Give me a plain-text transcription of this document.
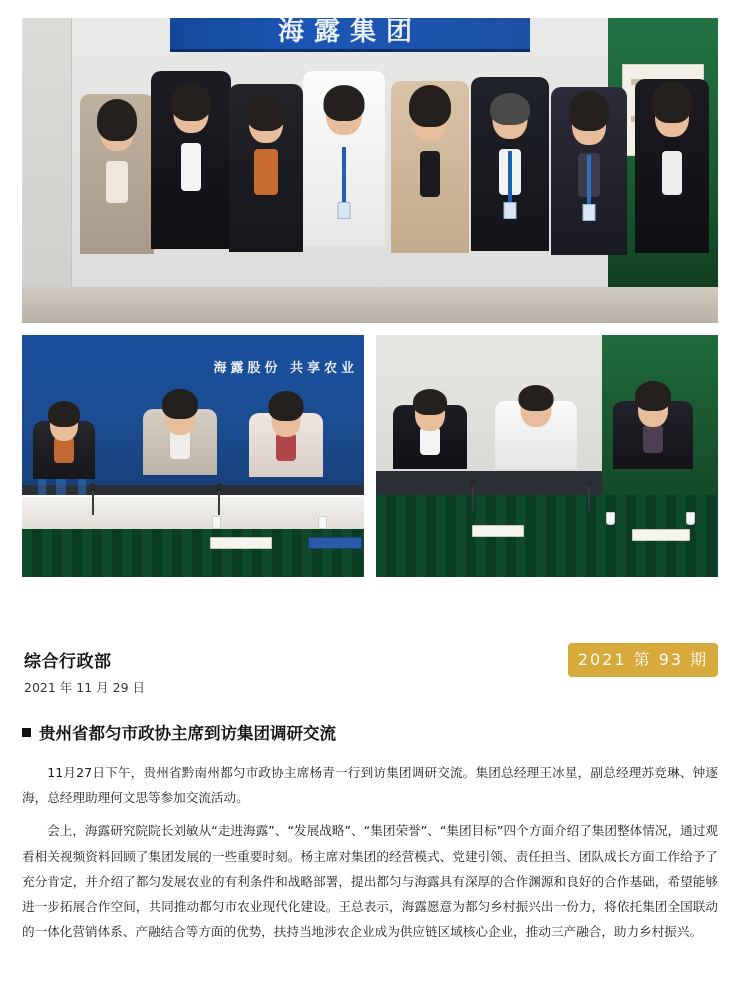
海露集团
海露股份 共享农业
综合行政部
2021 年 11 月 29 日
2021 第 93 期
贵州省都匀市政协主席到访集团调研交流

11月27日下午，贵州省黔南州都匀市政协主席杨青一行到访集团调研交流。集团总经理王冰星，副总经理苏竞琳、钟逐海，总经理助理何文思等参加交流活动。

会上，海露研究院院长刘敏从“走进海露”、“发展战略”、“集团荣誉”、“集团目标”四个方面介绍了集团整体情况，通过观看相关视频资料回顾了集团发展的一些重要时刻。杨主席对集团的经营模式、党建引领、责任担当、团队成长方面工作给予了充分肯定，并介绍了都匀发展农业的有利条件和战略部署，提出都匀与海露具有深厚的合作渊源和良好的合作基础，希望能够进一步拓展合作空间，共同推动都匀市农业现代化建设。王总表示，海露愿意为都匀乡村振兴出一份力，将依托集团全国联动的一体化营销体系、产融结合等方面的优势，扶持当地涉农企业成为供应链区域核心企业，推动三产融合，助力乡村振兴。
